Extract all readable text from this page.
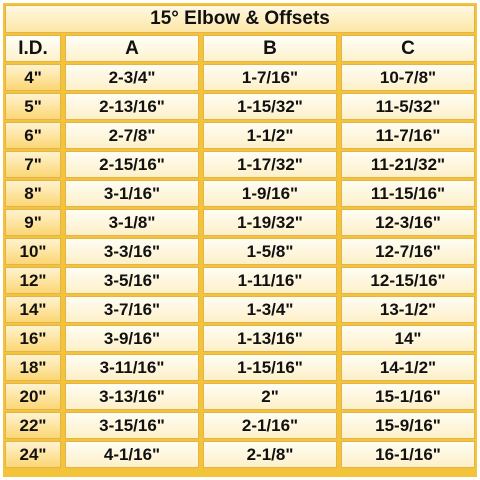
15° Elbow & Offsets
I.D.	A	B	C
4"	2-3/4"	1-7/16"	10-7/8"
5"	2-13/16"	1-15/32"	11-5/32"
6"	2-7/8"	1-1/2"	11-7/16"
7"	2-15/16"	1-17/32"	11-21/32"
8"	3-1/16"	1-9/16"	11-15/16"
9"	3-1/8"	1-19/32"	12-3/16"
10"	3-3/16"	1-5/8"	12-7/16"
12"	3-5/16"	1-11/16"	12-15/16"
14"	3-7/16"	1-3/4"	13-1/2"
16"	3-9/16"	1-13/16"	14"
18"	3-11/16"	1-15/16"	14-1/2"
20"	3-13/16"	2"	15-1/16"
22"	3-15/16"	2-1/16"	15-9/16"
24"	4-1/16"	2-1/8"	16-1/16"
